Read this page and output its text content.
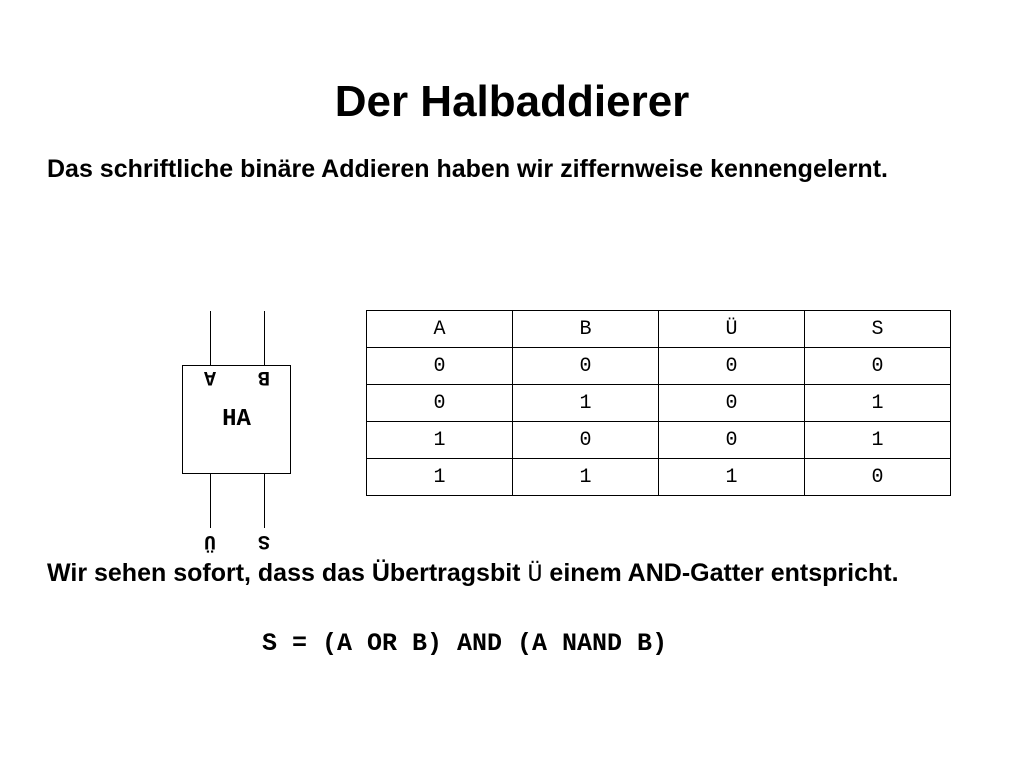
Der Halbaddierer
Das schriftliche binäre Addieren haben wir ziffernweise kennengelernt.
A	B
HA
Ü	S
A	B	Ü	S
0	0	0	0
0	1	0	1
1	0	0	1
1	1	1	0
Wir sehen sofort, dass das Übertragsbit Ü einem AND-Gatter entspricht.
S = (A OR B) AND (A NAND B)
